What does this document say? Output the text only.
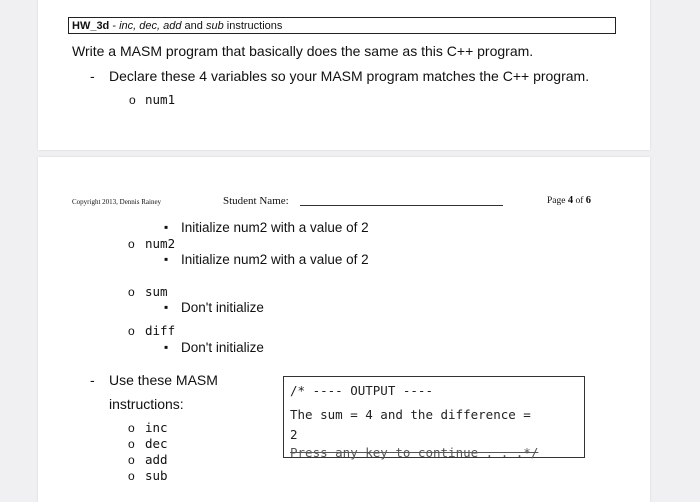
HW_3d - inc, dec, add and sub instructions
Write a MASM program that basically does the same as this C++ program.
- Declare these 4 variables so your MASM program matches the C++ program.
o num1
Copyright 2013, Dennis Rainey	Student Name:	Page 4 of 6
▪ Initialize num2 with a value of 2
o num2
▪ Initialize num2 with a value of 2
o sum
▪ Don't initialize
o diff
▪ Don't initialize
- Use these MASM
instructions:
o inc
o dec
o add
o sub
/* ---- OUTPUT ----
The sum = 4 and the difference =
2
Press any key to continue . . .*/
